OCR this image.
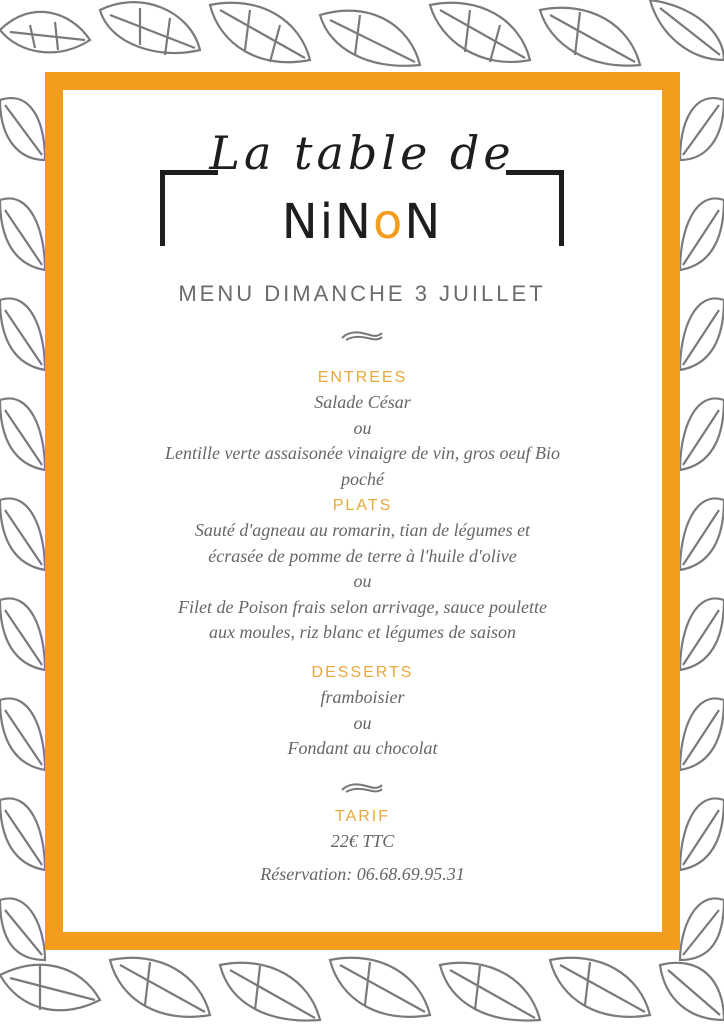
La table de
NiNoN
MENU DIMANCHE 3 JUILLET
ENTREES
Salade César
ou
Lentille verte assaisonée vinaigre de vin, gros oeuf Bio
poché
PLATS
Sauté d'agneau au romarin, tian de légumes et
écrasée de pomme de terre à l'huile d'olive
ou
Filet de Poison frais selon arrivage, sauce poulette
aux moules, riz blanc et légumes de saison
DESSERTS
framboisier
ou
Fondant au chocolat
TARIF
22€ TTC
Réservation: 06.68.69.95.31
